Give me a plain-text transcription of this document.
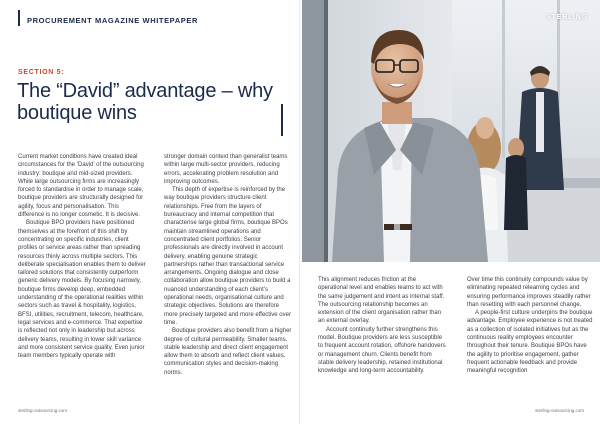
PROCUREMENT MAGAZINE WHITEPAPER
SECTION 5:
The “David” advantage – why boutique wins

Current market conditions have created ideal circumstances for the ‘David’ of the outsourcing industry: boutique and mid-sized providers. While large outsourcing firms are increasingly forced to standardise in order to manage scale, boutique providers are structurally designed for agility, focus and personalisation. This difference is no longer cosmetic. It is decisive.

Boutique BPO providers have positioned themselves at the forefront of this shift by concentrating on specific industries, client profiles or service areas rather than spreading resources thinly across multiple sectors. This deliberate specialisation enables them to deliver tailored solutions that consistently outperform generic delivery models. By focusing narrowly, boutique firms develop deep, embedded understanding of the operational realities within sectors such as travel & hospitality, logistics, BFSI, utilities, recruitment, telecom, healthcare, legal services and e-commerce. That expertise is reflected not only in leadership but across delivery teams, resulting in lower skill variance and more consistent service quality. Even junior team members typically operate with

stronger domain context than generalist teams within large multi-sector providers, reducing errors, accelerating problem resolution and improving outcomes.

This depth of expertise is reinforced by the way boutique providers structure client relationships. Free from the layers of bureaucracy and internal competition that characterise large global firms, boutique BPOs maintain streamlined operations and concentrated client portfolios. Senior professionals are directly involved in account delivery, enabling genuine strategic partnerships rather than transactional service arrangements. Ongoing dialogue and close collaboration allow boutique providers to build a nuanced understanding of each client’s operational needs, organisational culture and strategic objectives. Solutions are therefore more precisely targeted and more effective over time.

Boutique providers also benefit from a higher degree of cultural permeability. Smaller teams, stable leadership and direct client engagement allow them to absorb and reflect client values, communication styles and decision-making norms.

sterling-outsourcing.com
STERLING

This alignment reduces friction at the operational level and enables teams to act with the same judgement and intent as internal staff. The outsourcing relationship becomes an extension of the client organisation rather than an external overlay.

Account continuity further strengthens this model. Boutique providers are less susceptible to frequent account rotation, offshore handovers or management churn. Clients benefit from stable delivery leadership, retained institutional knowledge and long-term accountability.

Over time this continuity compounds value by eliminating repeated relearning cycles and ensuring performance improves steadily rather than resetting with each personnel change.

A people-first culture underpins the boutique advantage. Employee experience is not treated as a collection of isolated initiatives but as the continuous reality employees encounter throughout their tenure. Boutique BPOs have the agility to prioritise engagement, gather frequent actionable feedback and provide meaningful recognition

sterling-outsourcing.com
